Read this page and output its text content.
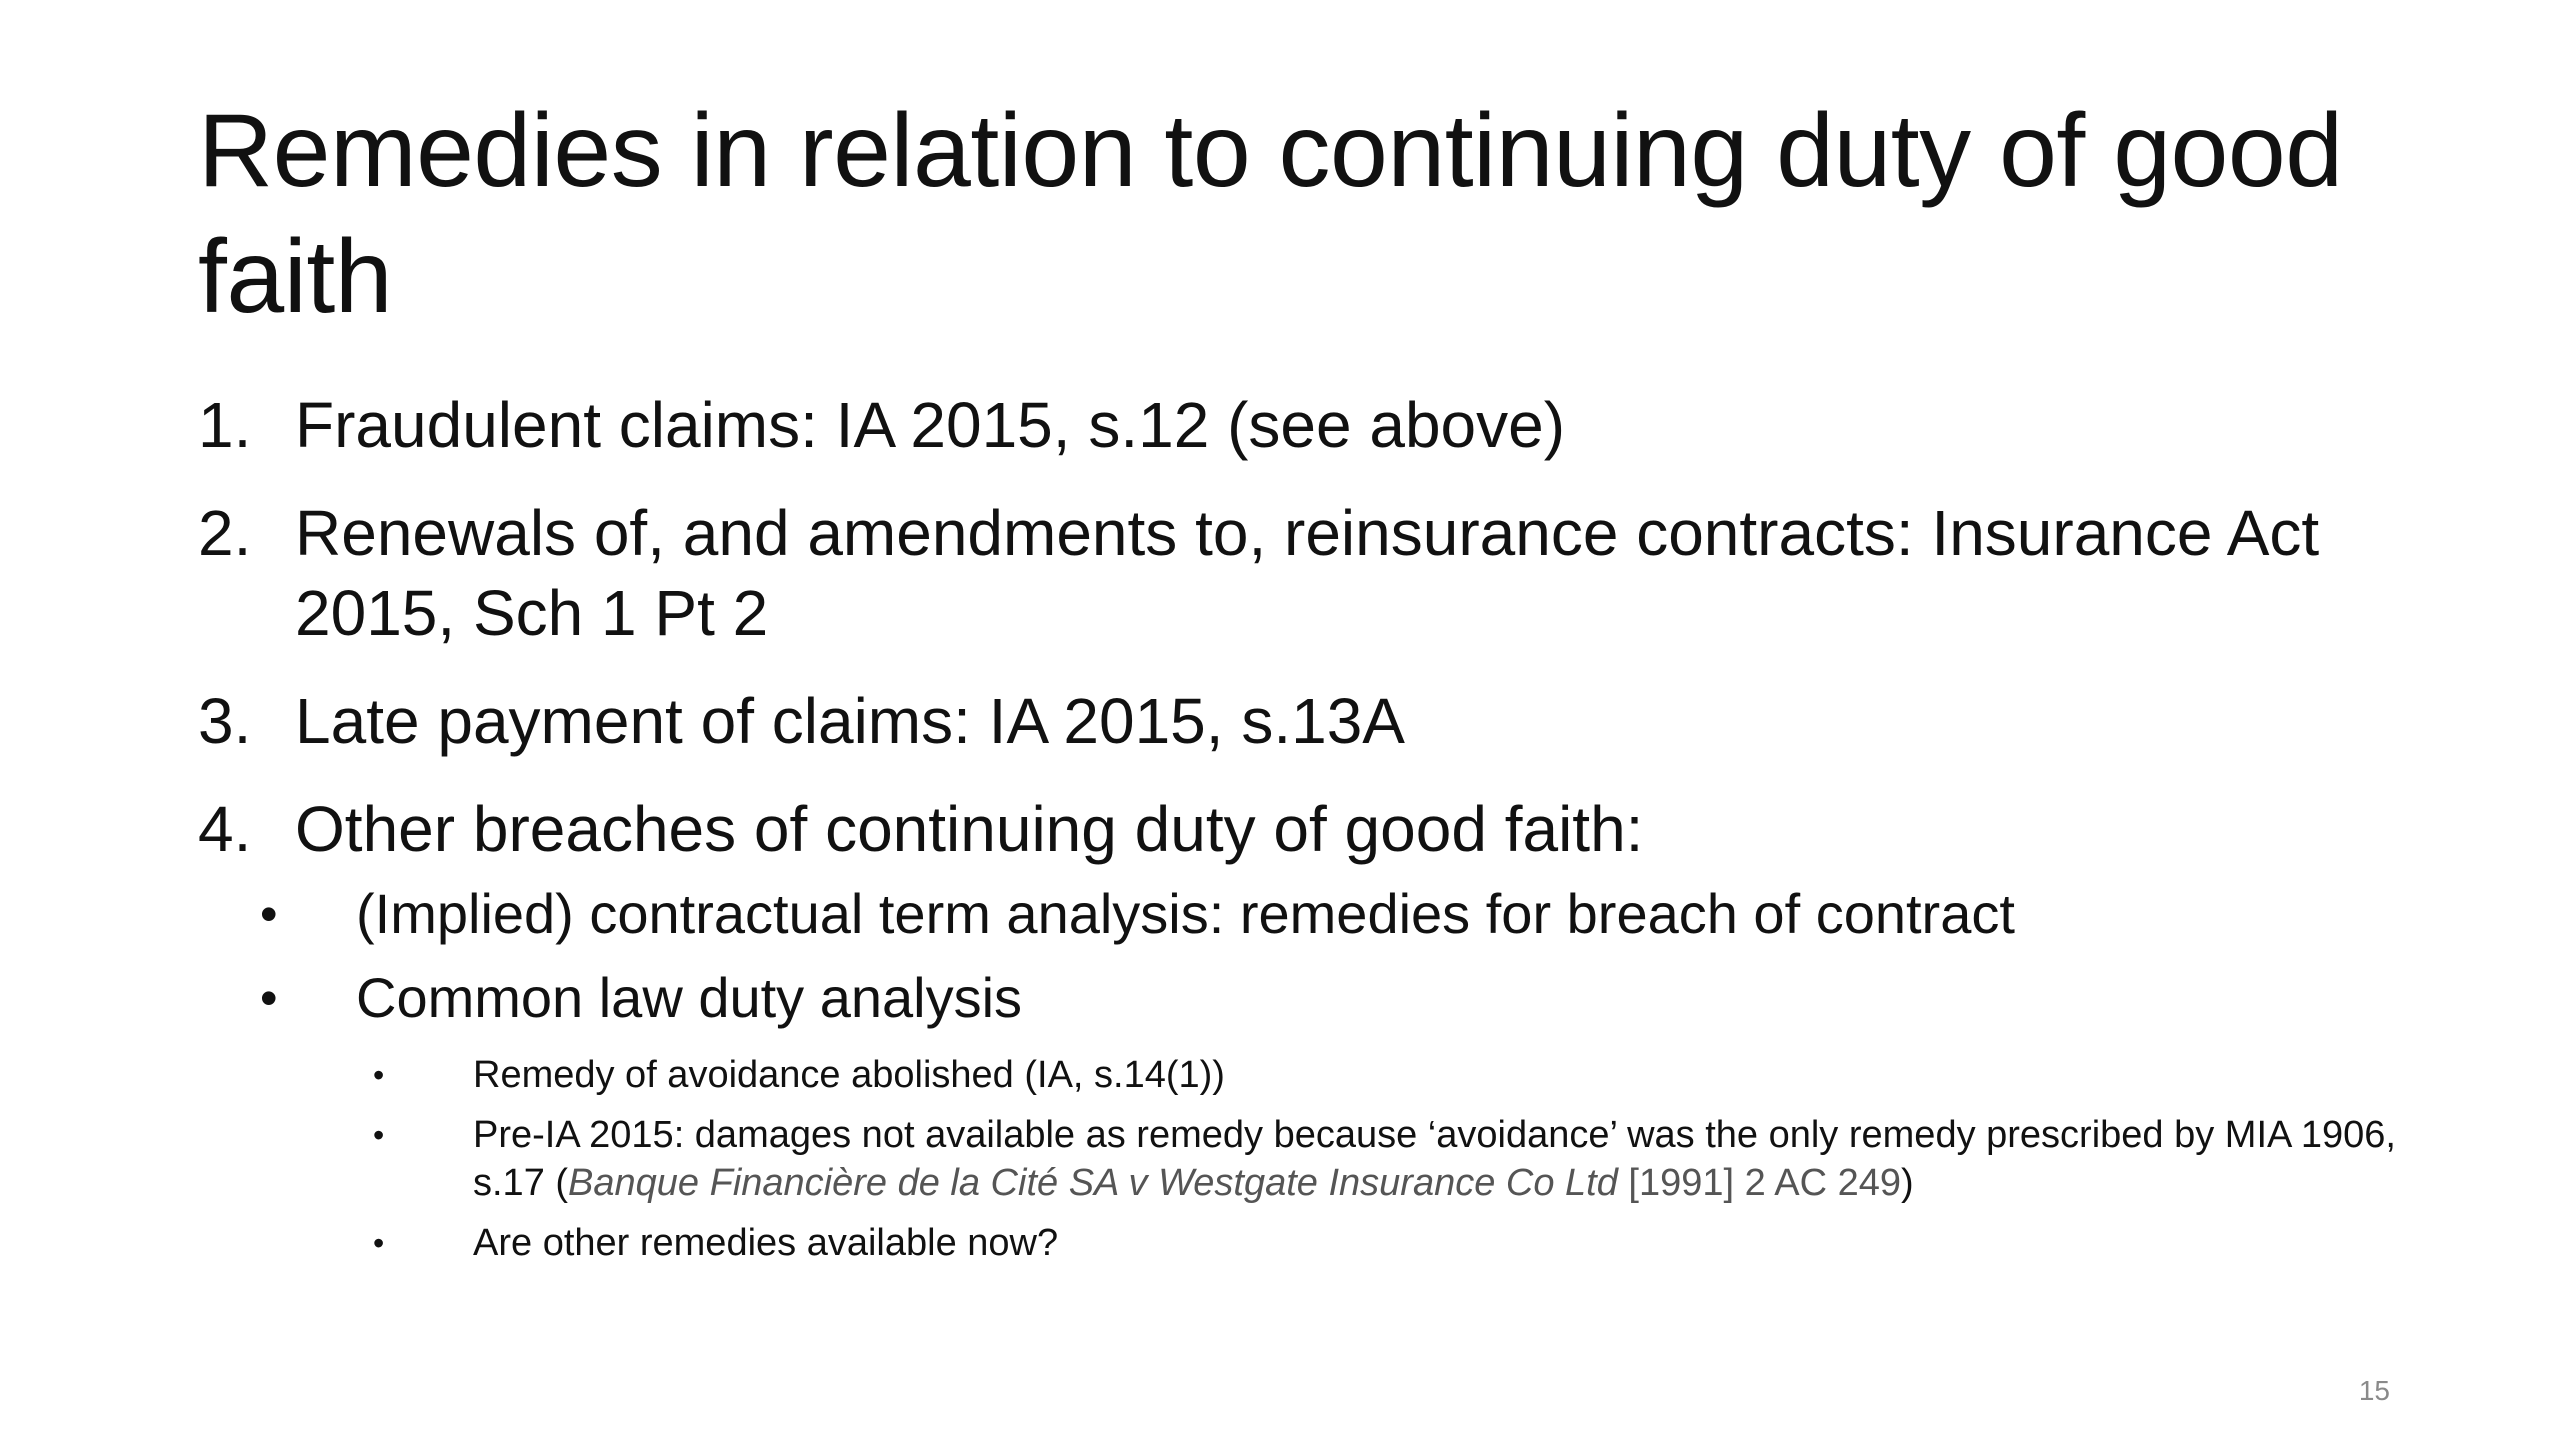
Remedies in relation to continuing duty of good faith
1. Fraudulent claims: IA 2015, s.12 (see above)
2. Renewals of, and amendments to, reinsurance contracts: Insurance Act 2015, Sch 1 Pt 2
3. Late payment of claims: IA 2015, s.13A
4. Other breaches of continuing duty of good faith:
•	(Implied) contractual term analysis: remedies for breach of contract
•	Common law duty analysis
•	Remedy of avoidance abolished (IA, s.14(1))
•	Pre-IA 2015: damages not available as remedy because ‘avoidance’ was the only remedy prescribed by MIA 1906, s.17 (Banque Financière de la Cité SA v Westgate Insurance Co Ltd [1991] 2 AC 249)
•	Are other remedies available now?
15
